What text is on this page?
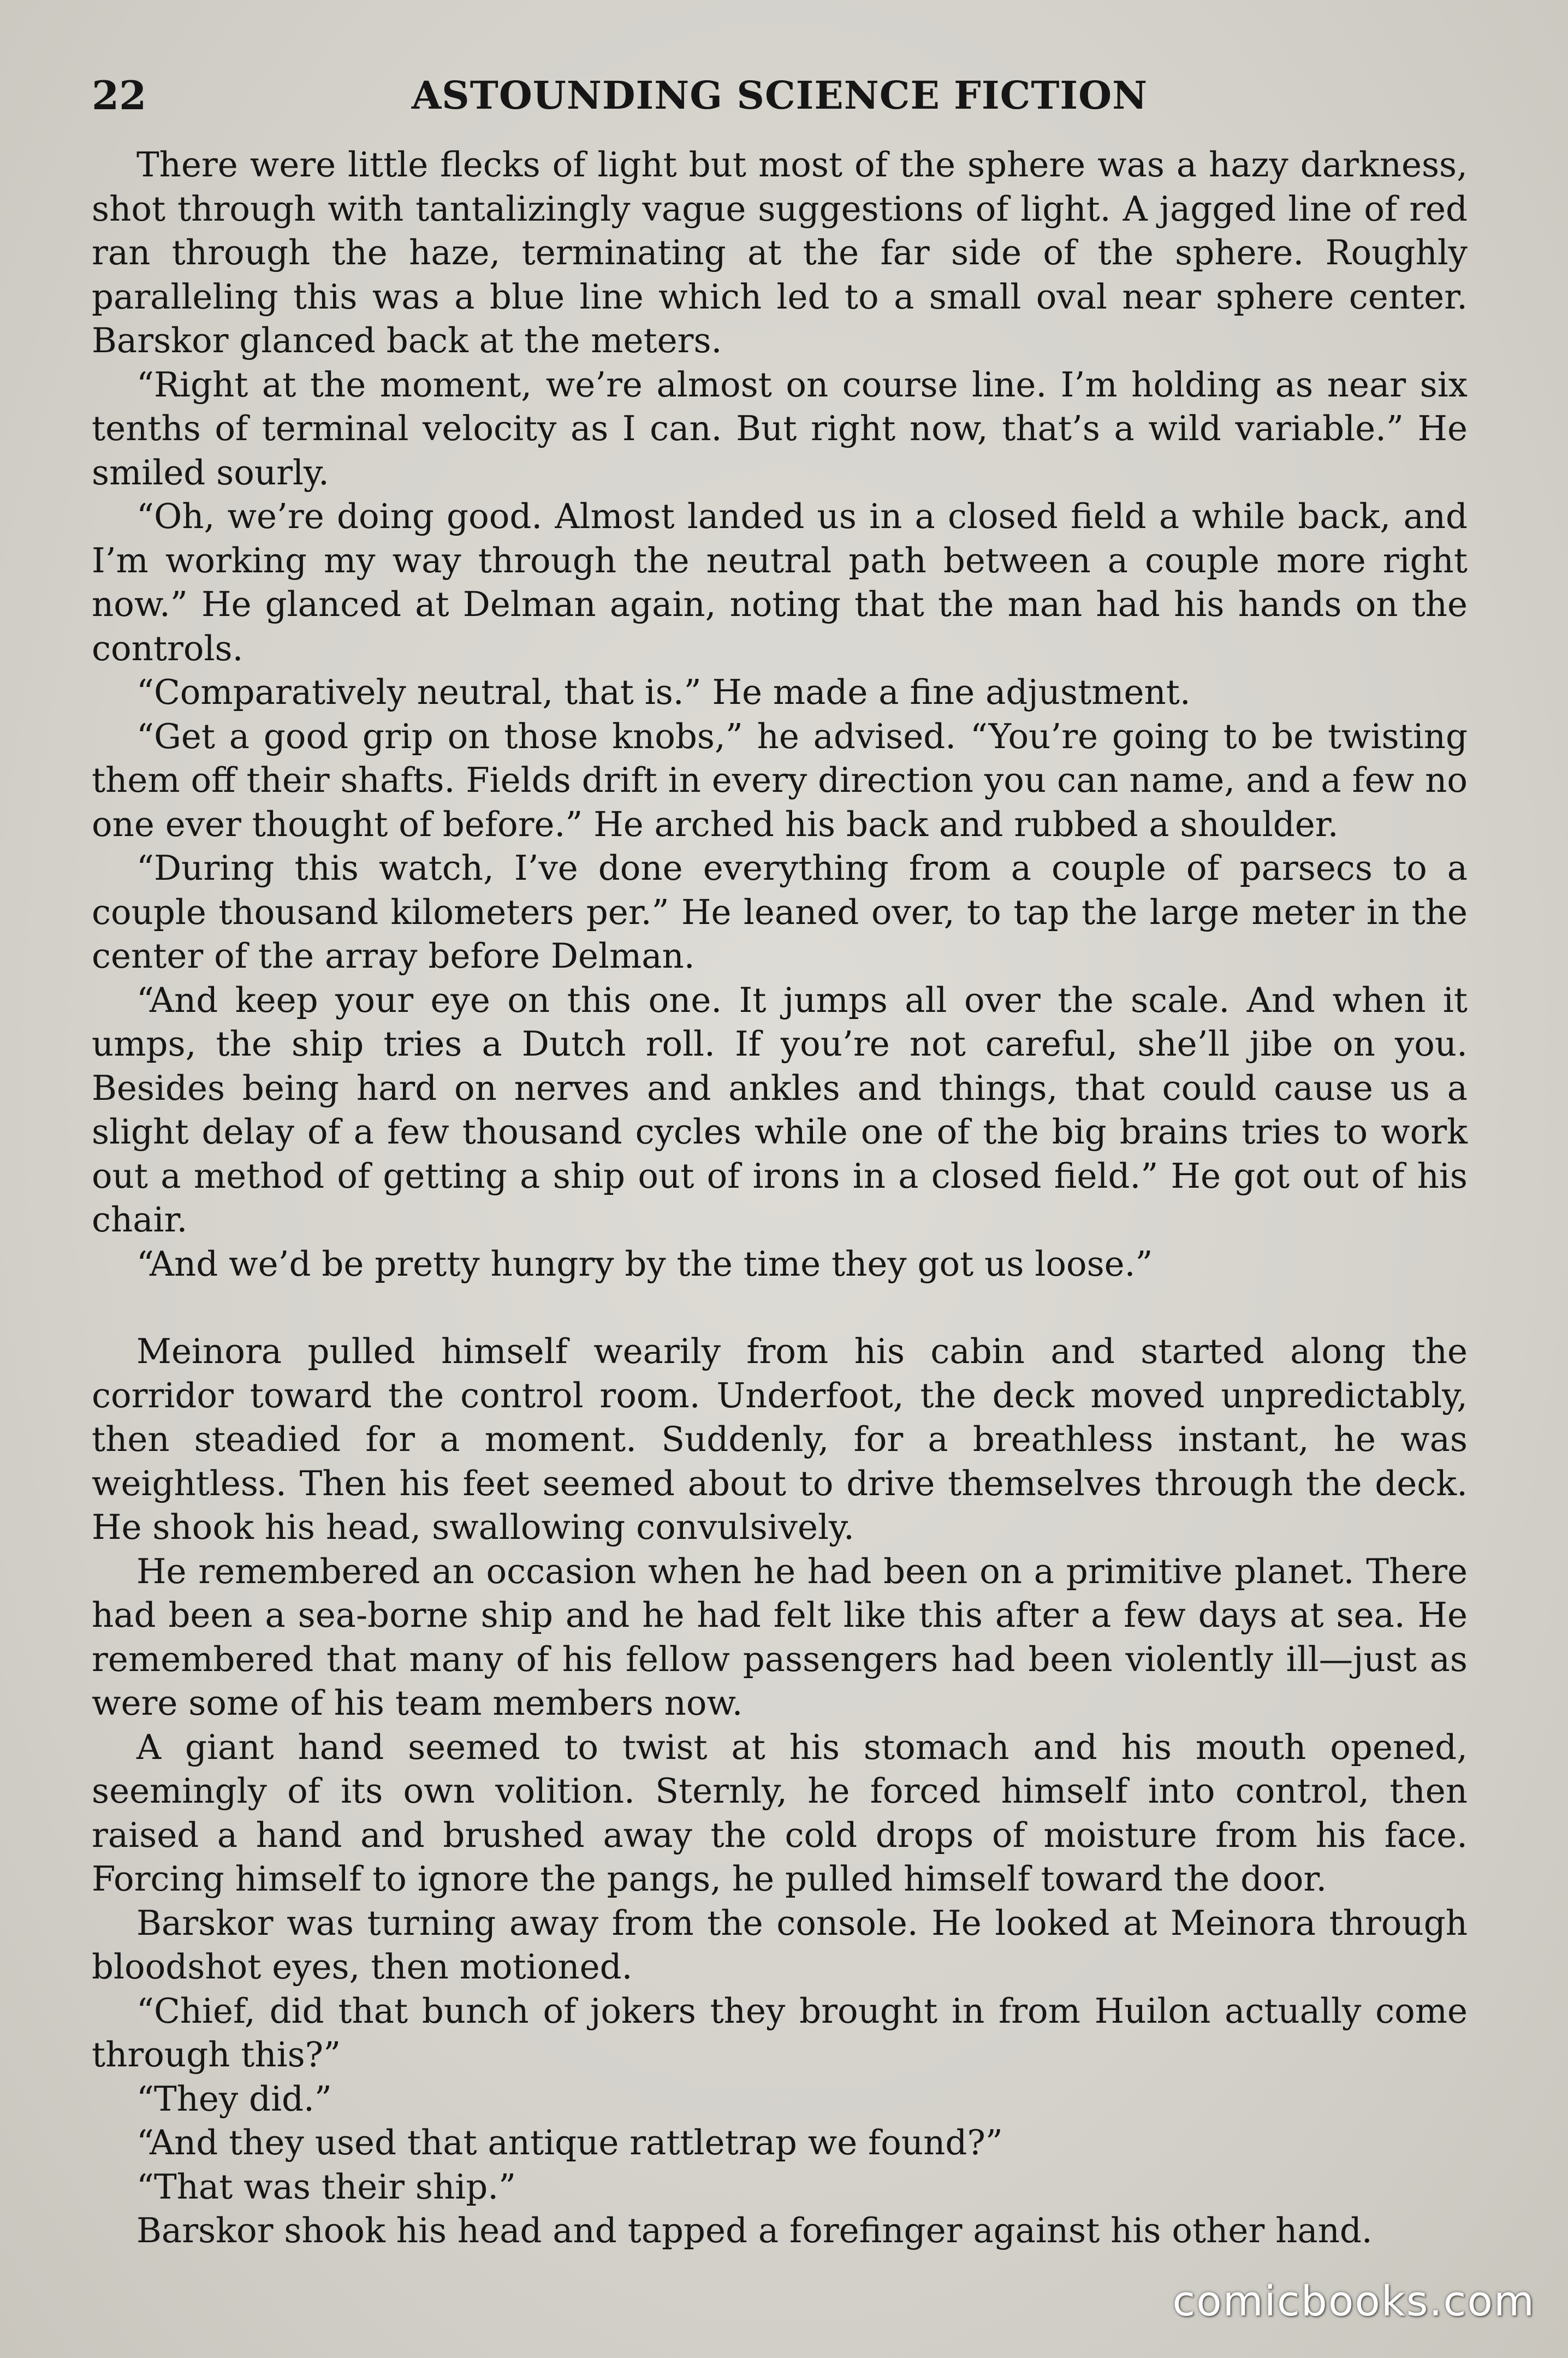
22	ASTOUNDING SCIENCE FICTION

There were little flecks of light but most of the sphere was a hazy darkness, shot through with tantalizingly vague suggestions of light. A jagged line of red ran through the haze, terminating at the far side of the sphere. Roughly paralleling this was a blue line which led to a small oval near sphere center. Barskor glanced back at the meters.

“Right at the moment, we’re almost on course line. I’m holding as near six tenths of terminal velocity as I can. But right now, that’s a wild variable.” He smiled sourly.

“Oh, we’re doing good. Almost landed us in a closed field a while back, and I’m working my way through the neutral path between a couple more right now.” He glanced at Delman again, noting that the man had his hands on the controls.

“Comparatively neutral, that is.” He made a fine adjustment.

“Get a good grip on those knobs,” he advised. “You’re going to be twisting them off their shafts. Fields drift in every direction you can name, and a few no one ever thought of before.” He arched his back and rubbed a shoulder.

“During this watch, I’ve done everything from a couple of parsecs to a couple thousand kilometers per.” He leaned over, to tap the large meter in the center of the array before Delman.

“And keep your eye on this one. It jumps all over the scale. And when it umps, the ship tries a Dutch roll. If you’re not careful, she’ll jibe on you. Besides being hard on nerves and ankles and things, that could cause us a slight delay of a few thousand cycles while one of the big brains tries to work out a method of getting a ship out of irons in a closed field.” He got out of his chair.

“And we’d be pretty hungry by the time they got us loose.”

Meinora pulled himself wearily from his cabin and started along the corridor toward the control room. Underfoot, the deck moved unpredictably, then steadied for a moment. Suddenly, for a breathless instant, he was weightless. Then his feet seemed about to drive themselves through the deck. He shook his head, swallowing convulsively.

He remembered an occasion when he had been on a primitive planet. There had been a sea-borne ship and he had felt like this after a few days at sea. He remembered that many of his fellow passengers had been violently ill—just as were some of his team members now.

A giant hand seemed to twist at his stomach and his mouth opened, seemingly of its own volition. Sternly, he forced himself into control, then raised a hand and brushed away the cold drops of moisture from his face. Forcing himself to ignore the pangs, he pulled himself toward the door.

Barskor was turning away from the console. He looked at Meinora through bloodshot eyes, then motioned.

“Chief, did that bunch of jokers they brought in from Huilon actually come through this?”

“They did.”

“And they used that antique rattletrap we found?”

“That was their ship.”

Barskor shook his head and tapped a forefinger against his other hand.

comicbooks.com
